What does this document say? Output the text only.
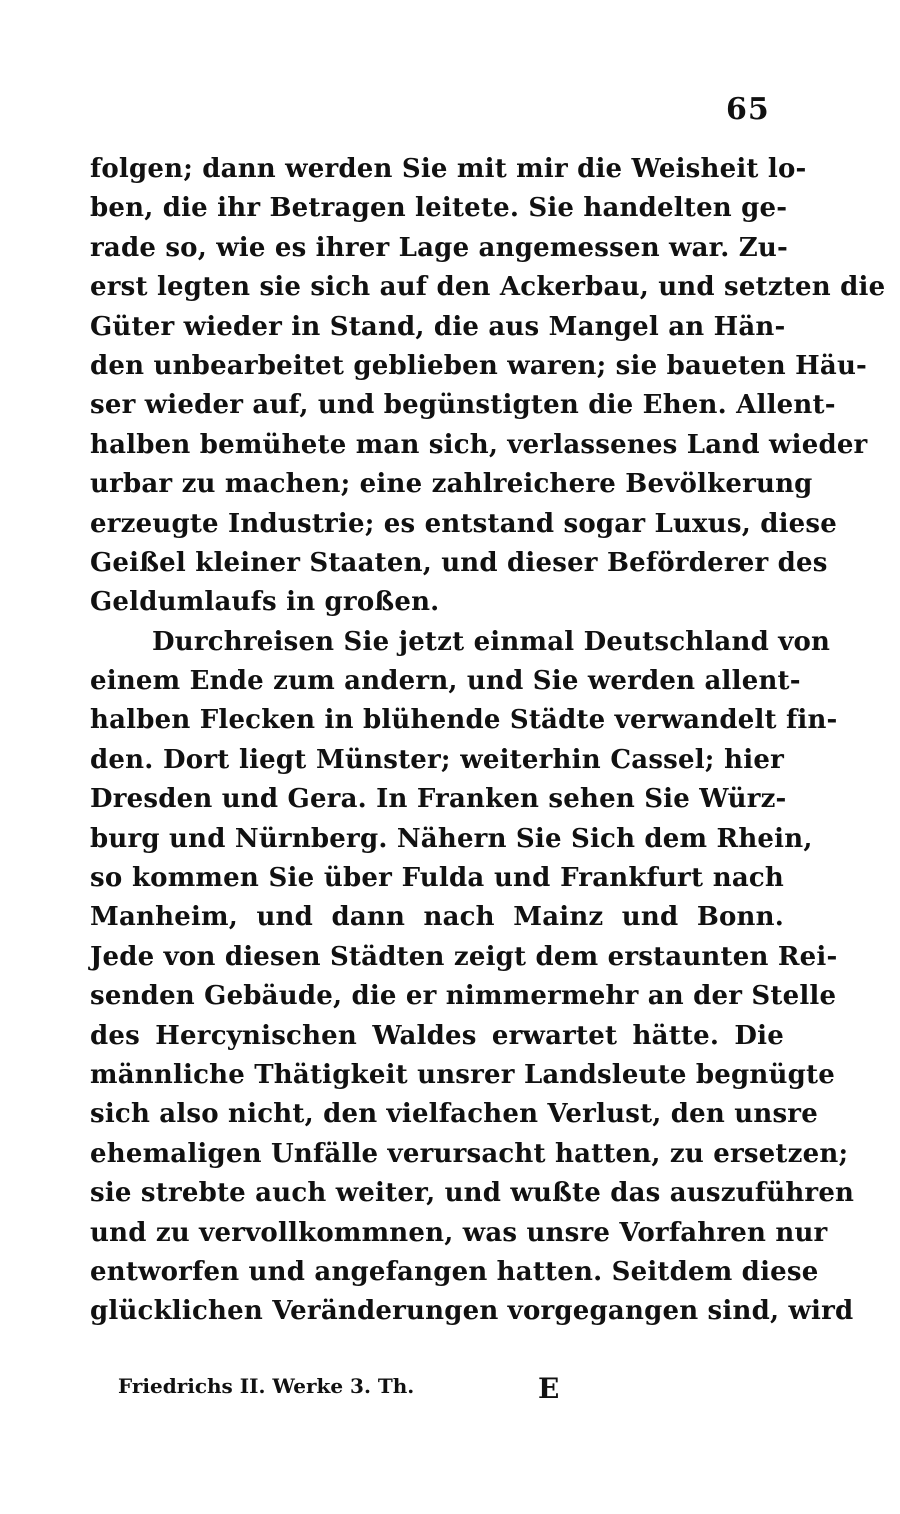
65
folgen; dann werden Sie mit mir die Weisheit lo-
ben, die ihr Betragen leitete. Sie handelten ge-
rade so, wie es ihrer Lage angemessen war. Zu-
erst legten sie sich auf den Ackerbau, und setzten die
Güter wieder in Stand, die aus Mangel an Hän-
den unbearbeitet geblieben waren; sie baueten Häu-
ser wieder auf, und begünstigten die Ehen. Allent-
halben bemühete man sich, verlassenes Land wieder
urbar zu machen; eine zahlreichere Bevölkerung
erzeugte Industrie; es entstand sogar Luxus, diese
Geißel kleiner Staaten, und dieser Beförderer des
Geldumlaufs in großen.
Durchreisen Sie jetzt einmal Deutschland von
einem Ende zum andern, und Sie werden allent-
halben Flecken in blühende Städte verwandelt fin-
den. Dort liegt Münster; weiterhin Cassel; hier
Dresden und Gera. In Franken sehen Sie Würz-
burg und Nürnberg. Nähern Sie Sich dem Rhein,
so kommen Sie über Fulda und Frankfurt nach
Manheim, und dann nach Mainz und Bonn.
Jede von diesen Städten zeigt dem erstaunten Rei-
senden Gebäude, die er nimmermehr an der Stelle
des Hercynischen Waldes erwartet hätte. Die
männliche Thätigkeit unsrer Landsleute begnügte
sich also nicht, den vielfachen Verlust, den unsre
ehemaligen Unfälle verursacht hatten, zu ersetzen;
sie strebte auch weiter, und wußte das auszuführen
und zu vervollkommnen, was unsre Vorfahren nur
entworfen und angefangen hatten. Seitdem diese
glücklichen Veränderungen vorgegangen sind, wird
Friedrichs II. Werke 3. Th.	E
